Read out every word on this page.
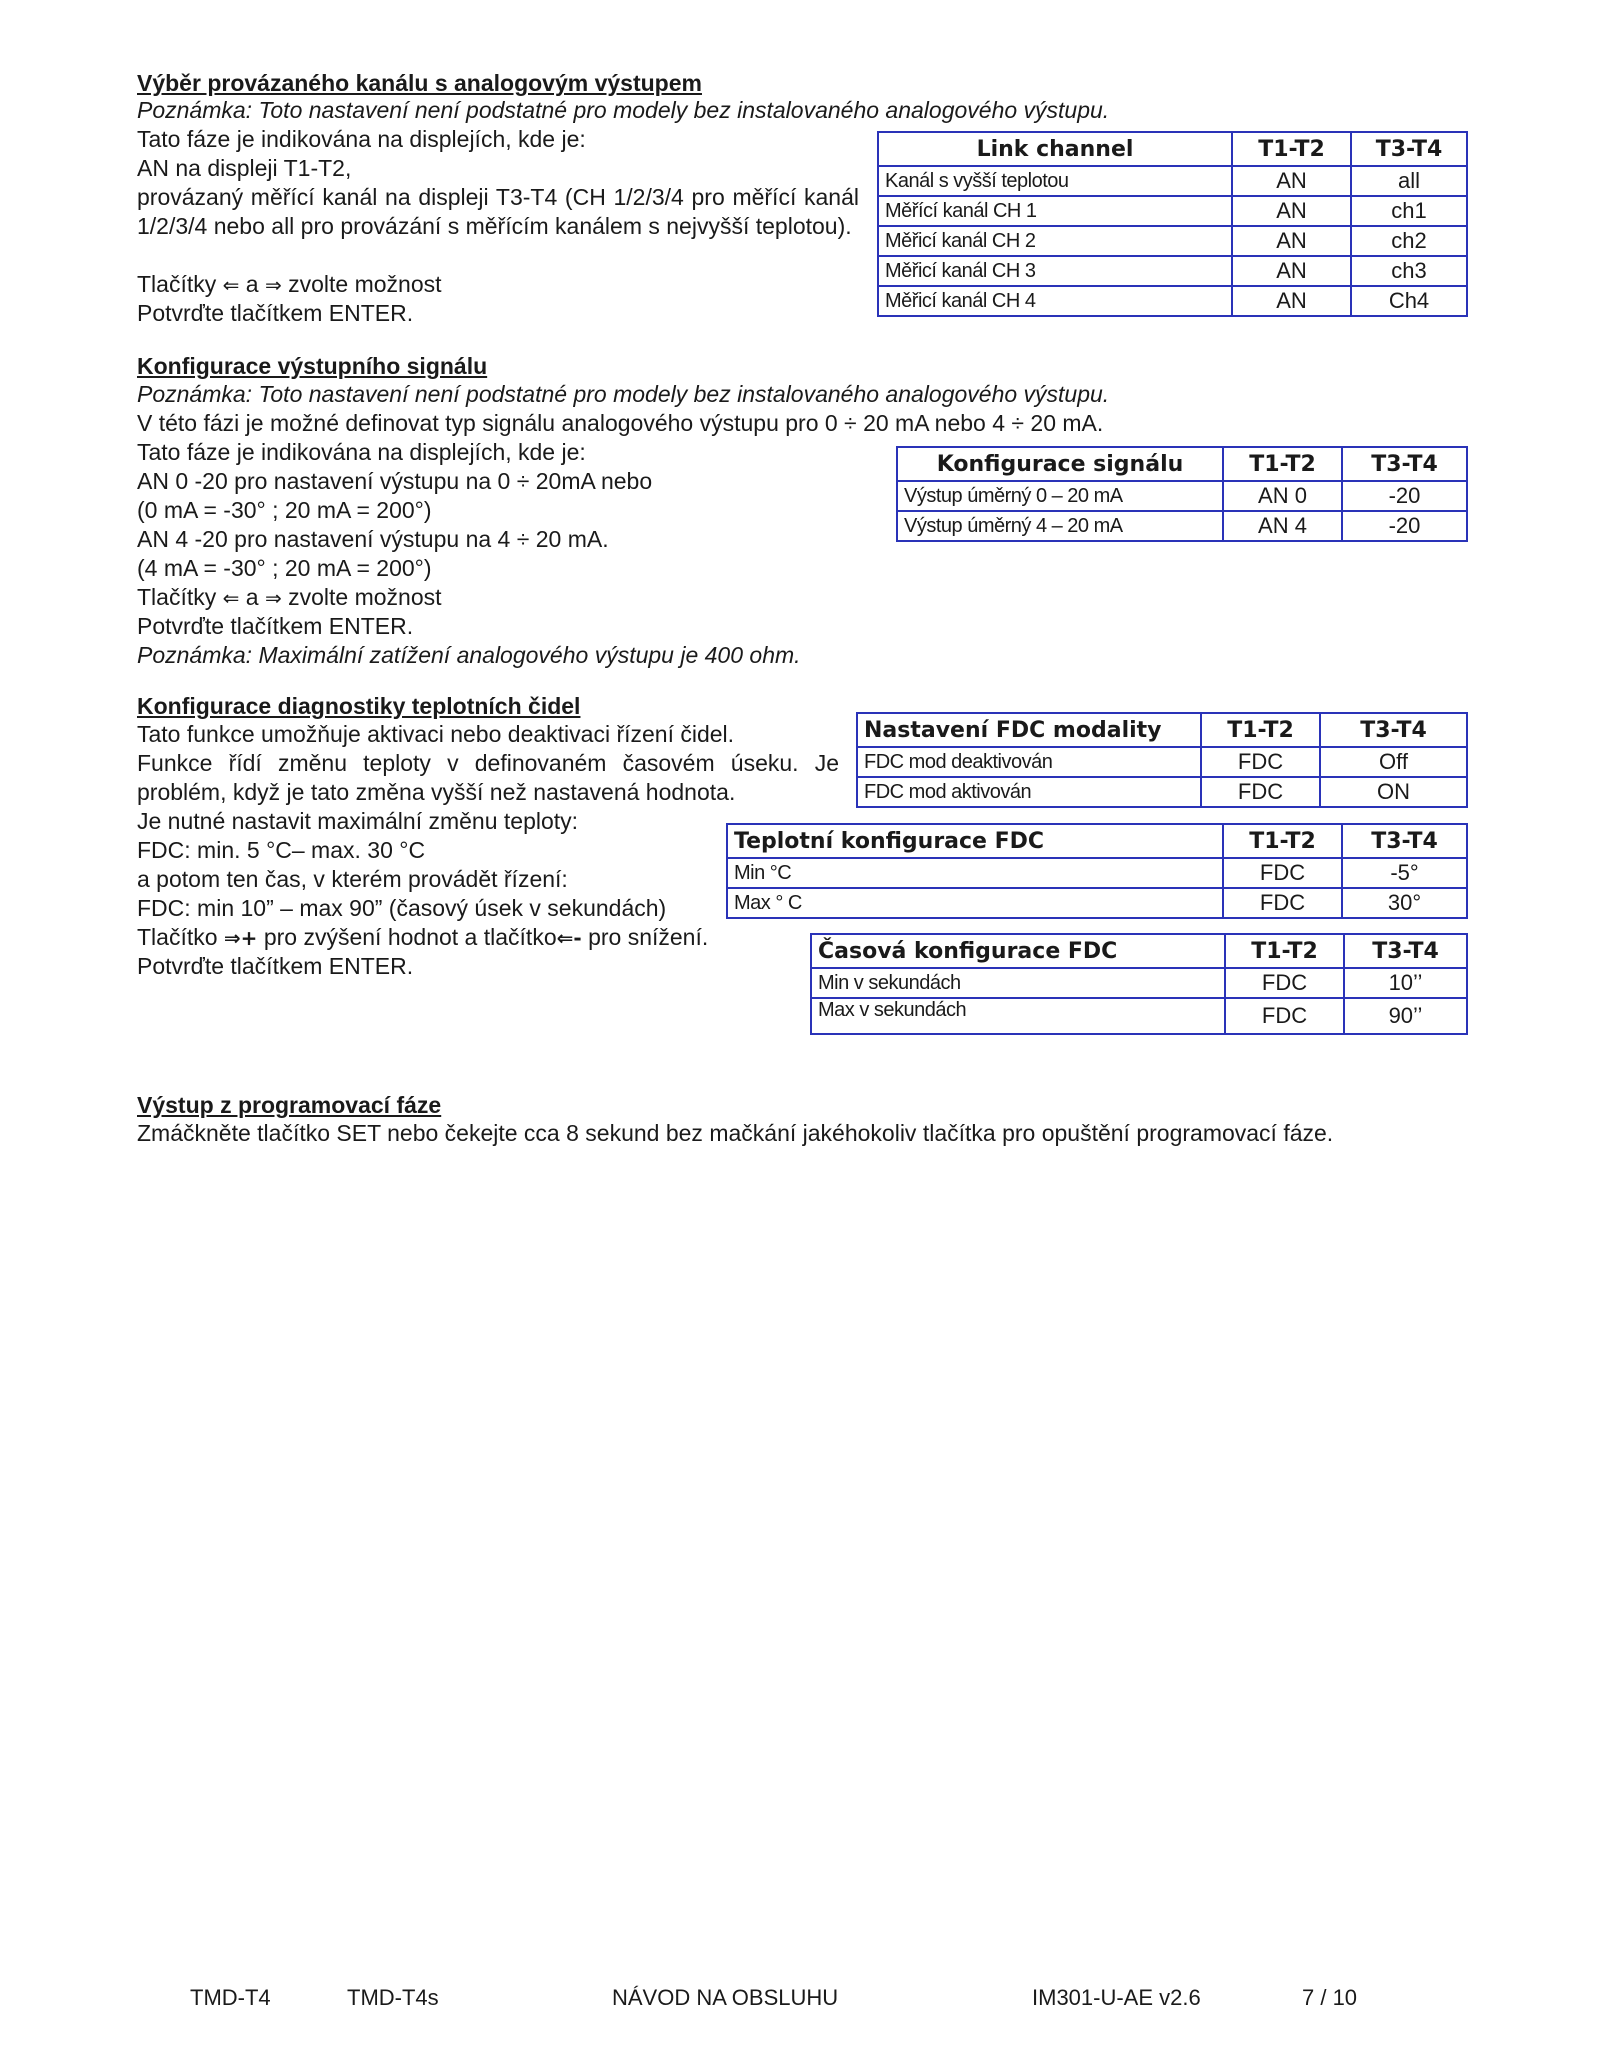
Výběr provázaného kanálu s analogovým výstupem
Poznámka: Toto nastavení není podstatné pro modely bez instalovaného analogového výstupu.
Tato fáze je indikována na displejích, kde je:
AN na displeji T1-T2,
provázaný měřící kanál na displeji T3-T4 (CH 1/2/3/4 pro měřící kanál 1/2/3/4 nebo all pro provázání s měřícím kanálem s nejvyšší teplotou).
Tlačítky ⇐ a ⇒ zvolte možnost
Potvrďte tlačítkem ENTER.
Link channel	T1-T2	T3-T4
Kanál s vyšší teplotou	AN	all
Měřící kanál CH 1	AN	ch1
Měřicí kanál CH 2	AN	ch2
Měřicí kanál CH 3	AN	ch3
Měřicí kanál CH 4	AN	Ch4
Konfigurace výstupního signálu
Poznámka: Toto nastavení není podstatné pro modely bez instalovaného analogového výstupu.
V této fázi je možné definovat typ signálu analogového výstupu pro 0 ÷ 20 mA nebo 4 ÷ 20 mA.
Tato fáze je indikována na displejích, kde je:
AN 0 -20 pro nastavení výstupu na 0 ÷ 20mA nebo
(0 mA = -30° ; 20 mA = 200°)
AN 4 -20 pro nastavení výstupu na 4 ÷ 20 mA.
(4 mA = -30° ; 20 mA = 200°)
Tlačítky ⇐ a ⇒ zvolte možnost
Potvrďte tlačítkem ENTER.
Poznámka: Maximální zatížení analogového výstupu je 400 ohm.
Konfigurace signálu	T1-T2	T3-T4
Výstup úměrný 0 – 20 mA	AN 0	-20
Výstup úměrný 4 – 20 mA	AN 4	-20
Konfigurace diagnostiky teplotních čidel
Tato funkce umožňuje aktivaci nebo deaktivaci řízení čidel.
Funkce řídí změnu teploty v definovaném časovém úseku. Je problém, když je tato změna vyšší než nastavená hodnota.
Je nutné nastavit maximální změnu teploty:
FDC: min. 5 °C– max. 30 °C
a potom ten čas, v kterém provádět řízení:
FDC: min 10” – max 90” (časový úsek v sekundách)
Tlačítko ⇒+ pro zvýšení hodnot a tlačítko⇐- pro snížení.
Potvrďte tlačítkem ENTER.
Nastavení FDC modality	T1-T2	T3-T4
FDC mod deaktivován	FDC	Off
FDC mod aktivován	FDC	ON
Teplotní konfigurace FDC	T1-T2	T3-T4
Min °C	FDC	-5°
Max ° C	FDC	30°
Časová konfigurace FDC	T1-T2	T3-T4
Min v sekundách	FDC	10’’
Max v sekundách	FDC	90’’
Výstup z programovací fáze
Zmáčkněte tlačítko SET nebo čekejte cca 8 sekund bez mačkání jakéhokoliv tlačítka pro opuštění programovací fáze.
TMD-T4	TMD-T4s	NÁVOD NA OBSLUHU	IM301-U-AE v2.6	7 / 10
